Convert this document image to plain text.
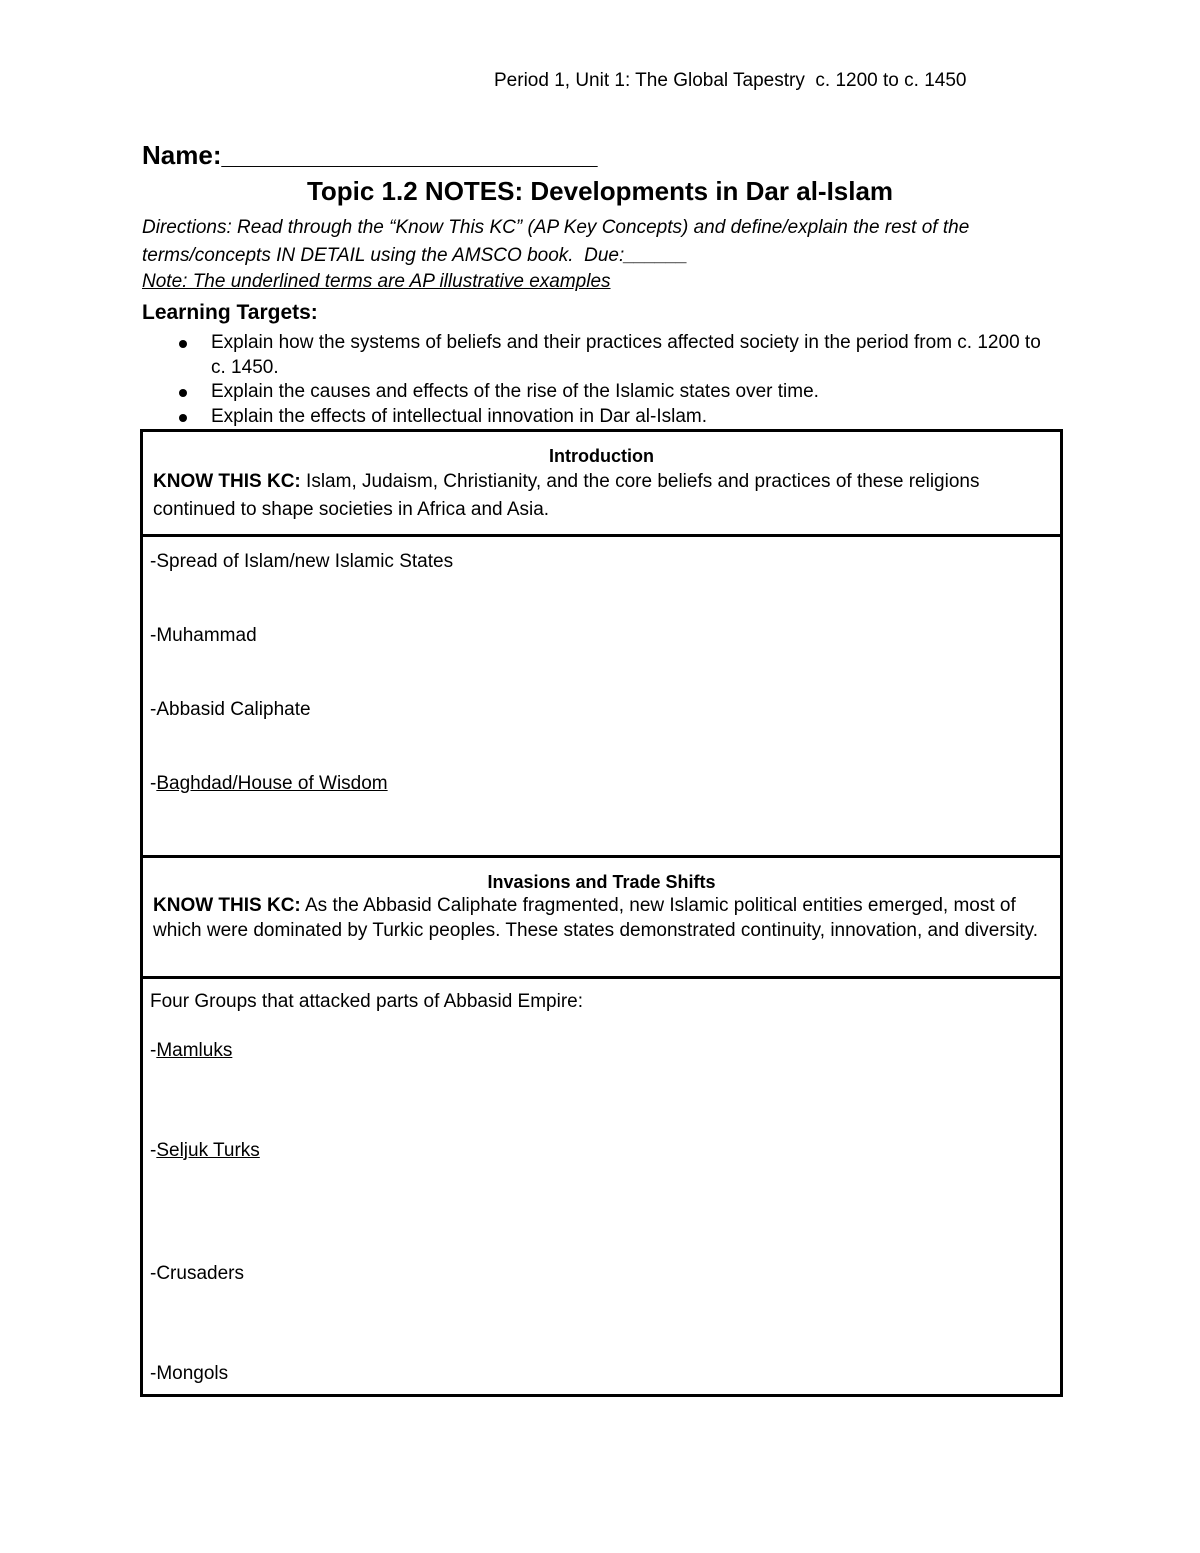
Period 1, Unit 1: The Global Tapestry  c. 1200 to c. 1450
Name:__________________________
Topic 1.2 NOTES: Developments in Dar al-Islam
Directions: Read through the “Know This KC” (AP Key Concepts) and define/explain the rest of the terms/concepts IN DETAIL using the AMSCO book.  Due:______
Note: The underlined terms are AP illustrative examples
Learning Targets:
Explain how the systems of beliefs and their practices affected society in the period from c. 1200 to c. 1450.
Explain the causes and effects of the rise of the Islamic states over time.
Explain the effects of intellectual innovation in Dar al-Islam.
Introduction
KNOW THIS KC: Islam, Judaism, Christianity, and the core beliefs and practices of these religions continued to shape societies in Africa and Asia.
-Spread of Islam/new Islamic States
-Muhammad
-Abbasid Caliphate
-Baghdad/House of Wisdom
Invasions and Trade Shifts
KNOW THIS KC: As the Abbasid Caliphate fragmented, new Islamic political entities emerged, most of which were dominated by Turkic peoples. These states demonstrated continuity, innovation, and diversity.
Four Groups that attacked parts of Abbasid Empire:
-Mamluks
-Seljuk Turks
-Crusaders
-Mongols
